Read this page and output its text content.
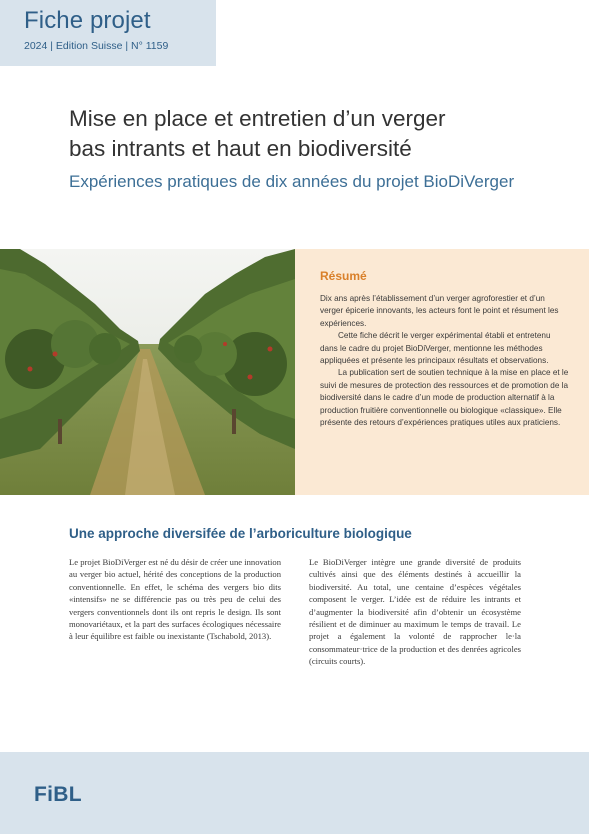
Fiche projet
2024 | Edition Suisse | N° 1159
Mise en place et entretien d’un verger
bas intrants et haut en biodiversité
Expériences pratiques de dix années du projet BioDiVerger
Résumé

Dix ans après l’établissement d’un verger agroforestier et d’un verger épicerie innovants, les acteurs font le point et résument les expériences.

Cette fiche décrit le verger expérimental établi et entretenu dans le cadre du projet BioDiVerger, mentionne les méthodes appliquées et présente les principaux résultats et observations.

La publication sert de soutien technique à la mise en place et le suivi de mesures de protection des ressources et de promotion de la biodiversité dans le cadre d’un mode de production alternatif à la production fruitière conventionnelle ou biologique «classique». Elle présente des retours d’expériences pratiques utiles aux praticiens.

Une approche diversifée de l’arboriculture biologique

Le projet BioDiVerger est né du désir de créer une innovation au verger bio actuel, hérité des conceptions de la production conventionnelle. En effet, le schéma des vergers bio dits «intensifs» ne se différencie pas ou très peu de celui des vergers conventionnels dont ils ont repris le design. Ils sont monovariétaux, et la part des surfaces écologiques nécessaire à leur équilibre est faible ou inexistante (Tschabold, 2013).

Le BioDiVerger intègre une grande diversité de produits cultivés ainsi que des éléments destinés à accueillir la biodiversité. Au total, une centaine d’espèces végétales composent le verger. L’idée est de réduire les intrants et d’augmenter la biodiversité afin d’obtenir un écosystème résilient et de diminuer au maximum le temps de travail. Le projet a également la volonté de rapprocher le·la consommateur·trice de la production et des denrées agricoles (circuits courts).

FiBL
